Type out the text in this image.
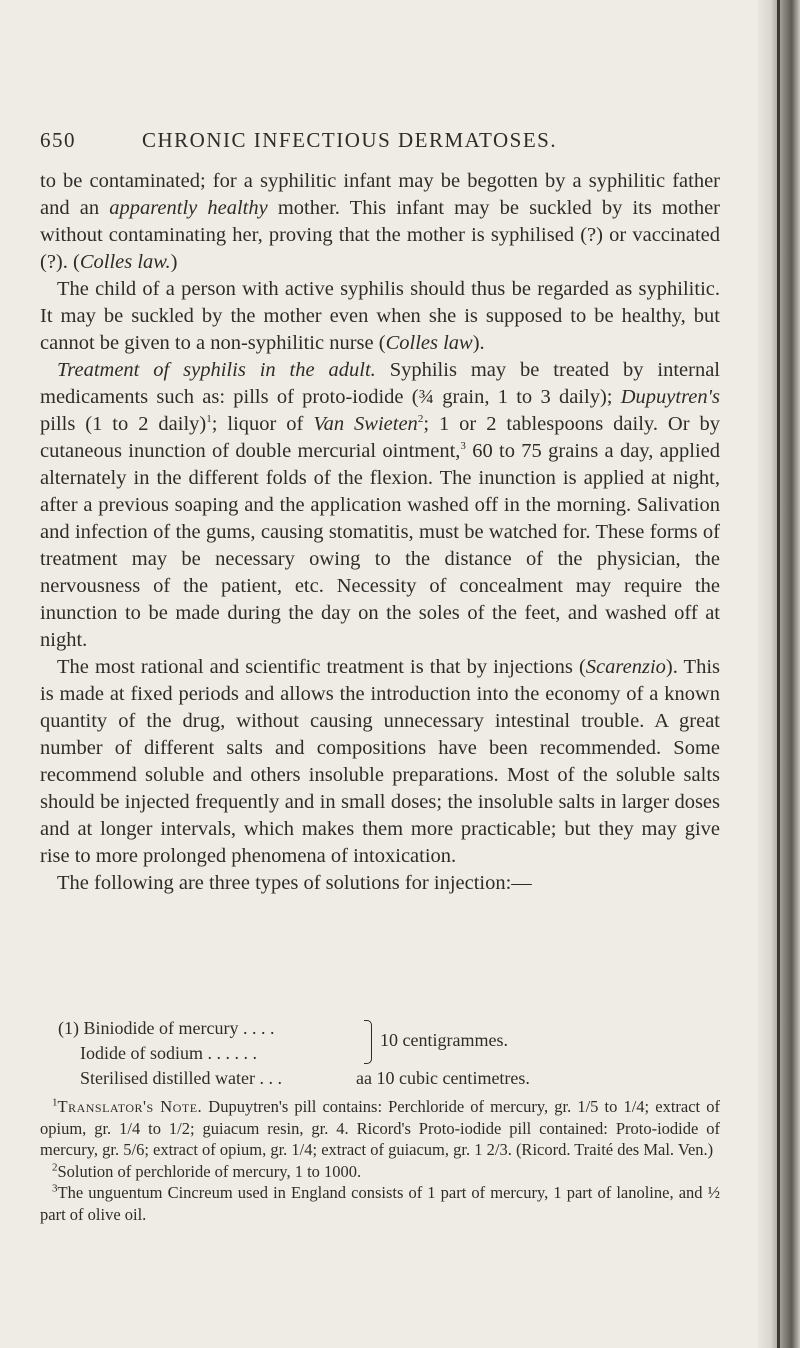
650	CHRONIC INFECTIOUS DERMATOSES.

to be contaminated; for a syphilitic infant may be begotten by a syphilitic father and an apparently healthy mother. This infant may be suckled by its mother without contaminating her, proving that the mother is syphilised (?) or vaccinated (?). (Colles law.)

The child of a person with active syphilis should thus be regarded as syphilitic. It may be suckled by the mother even when she is supposed to be healthy, but cannot be given to a non-syphilitic nurse (Colles law).

Treatment of syphilis in the adult. Syphilis may be treated by internal medicaments such as: pills of proto-iodide (¾ grain, 1 to 3 daily); Dupuytren's pills (1 to 2 daily)$^1$; liquor of Van Swieten$^2$; 1 or 2 tablespoons daily. Or by cutaneous inunction of double mercurial ointment,$^3$ 60 to 75 grains a day, applied alternately in the different folds of the flexion. The inunction is applied at night, after a previous soaping and the application washed off in the morning. Salivation and infection of the gums, causing stomatitis, must be watched for. These forms of treatment may be necessary owing to the distance of the physician, the nervousness of the patient, etc. Necessity of concealment may require the inunction to be made during the day on the soles of the feet, and washed off at night.

The most rational and scientific treatment is that by injections (Scarenzio). This is made at fixed periods and allows the introduction into the economy of a known quantity of the drug, without causing unnecessary intestinal trouble. A great number of different salts and compositions have been recommended. Some recommend soluble and others insoluble preparations. Most of the soluble salts should be injected frequently and in small doses; the insoluble salts in larger doses and at longer intervals, which makes them more practicable; but they may give rise to more prolonged phenomena of intoxication.

The following are three types of solutions for injection:—

(1) Biniodide of mercury . . . .
10 centigrammes.
Iodide of sodium . . . . . .
Sterilised distilled water . . .	aa 10 cubic centimetres.

$^1$Translator's Note. Dupuytren's pill contains: Perchloride of mercury, gr. 1/5 to 1/4; extract of opium, gr. 1/4 to 1/2; guiacum resin, gr. 4. Ricord's Proto-iodide pill contained: Proto-iodide of mercury, gr. 5/6; extract of opium, gr. 1/4; extract of guiacum, gr. 1 2/3. (Ricord. Traité des Mal. Ven.)

$^2$Solution of perchloride of mercury, 1 to 1000.

$^3$The unguentum Cincreum used in England consists of 1 part of mercury, 1 part of lanoline, and ½ part of olive oil.
